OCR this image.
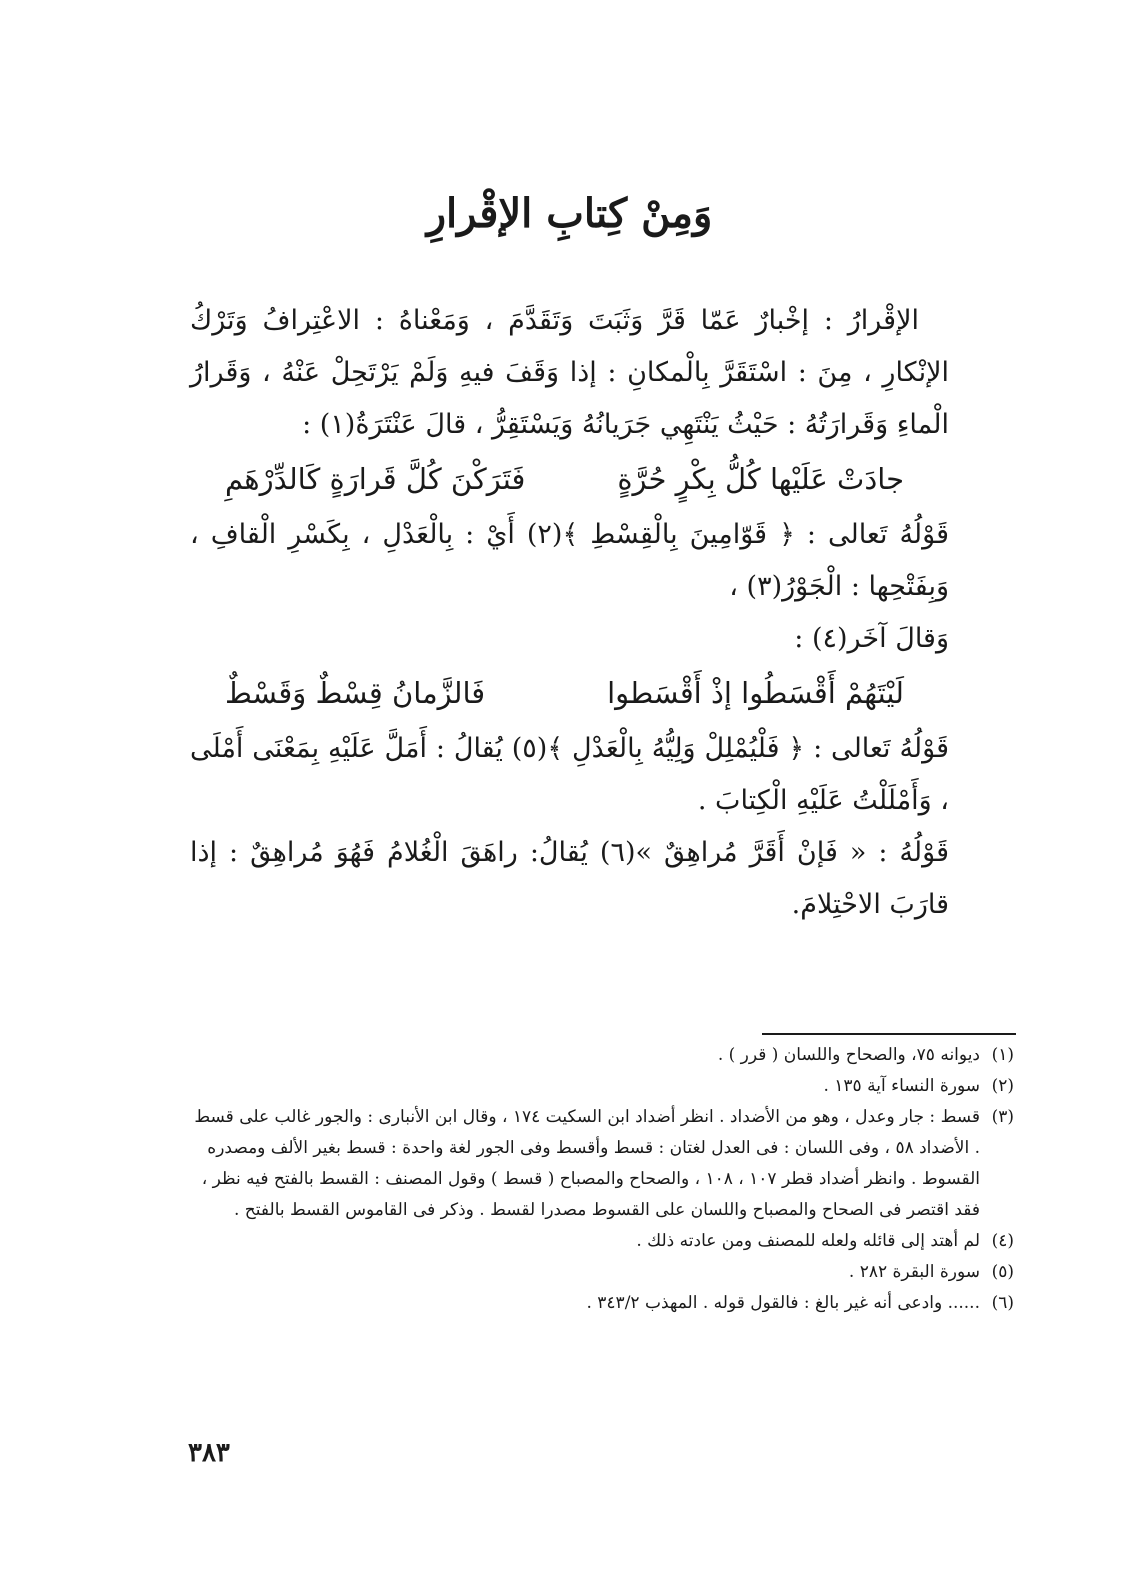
وَمِنْ كِتابِ الإقْرارِ

الإقْرارُ : إخْبارٌ عَمّا قَرَّ وَثَبَتَ وَتَقَدَّمَ ، وَمَعْناهُ : الاعْتِرافُ وَتَرْكُ الإنْكارِ ، مِنَ : اسْتَقَرَّ بِالْمكانِ : إذا وَقَفَ فيهِ وَلَمْ يَرْتَحِلْ عَنْهُ ، وَقَرارُ الْماءِ وَقَرارَتُهُ : حَيْثُ يَنْتَهِي جَرَيانُهُ وَيَسْتَقِرُّ ، قالَ عَنْتَرَةُ(١) :

جادَتْ عَلَيْها كُلُّ بِكْرٍ حُرَّةٍ
فَتَرَكْنَ كُلَّ قَرارَةٍ كَالدِّرْهَمِ

قَوْلُهُ تَعالى : ﴿ قَوّامِينَ بِالْقِسْطِ ﴾(٢) أَيْ : بِالْعَدْلِ ، بِكَسْرِ الْقافِ ، وَبِفَتْحِها : الْجَوْرُ(٣) ،

وَقالَ آخَر(٤) :

لَيْتَهُمْ أَقْسَطُوا إذْ أَقْسَطوا
فَالزَّمانُ قِسْطٌ وَقَسْطٌ

قَوْلُهُ تَعالى : ﴿ فَلْيُمْلِلْ وَلِيُّهُ بِالْعَدْلِ ﴾(٥) يُقالُ : أَمَلَّ عَلَيْهِ بِمَعْنَى أَمْلَى ، وَأَمْلَلْتُ عَلَيْهِ الْكِتابَ .

قَوْلُهُ : « فَإنْ أَقَرَّ مُراهِقٌ »(٦) يُقالُ: راهَقَ الْغُلامُ فَهُوَ مُراهِقٌ : إذا قارَبَ الاحْتِلامَ.

(١)
ديوانه ٧٥، والصحاح واللسان ( قرر ) .
(٢)
سورة النساء آية ١٣٥ .
(٣)
قسط : جار وعدل ، وهو من الأضداد . انظر أضداد ابن السكيت ١٧٤ ، وقال ابن الأنبارى : والجور غالب على قسط . الأضداد ٥٨ ، وفى اللسان : فى العدل لغتان : قسط وأقسط وفى الجور لغة واحدة : قسط بغير الألف ومصدره القسوط . وانظر أضداد قطر ١٠٧ ، ١٠٨ ، والصحاح والمصباح ( قسط ) وقول المصنف : القسط بالفتح فيه نظر ، فقد اقتصر فى الصحاح والمصباح واللسان على القسوط مصدرا لقسط . وذكر فى القاموس القسط بالفتح .
(٤)
لم أهتد إلى قائله ولعله للمصنف ومن عادته ذلك .
(٥)
سورة البقرة ٢٨٢ .
(٦)
...... وادعى أنه غير بالغ : فالقول قوله . المهذب ٣٤٣/٢ .
٣٨٣
